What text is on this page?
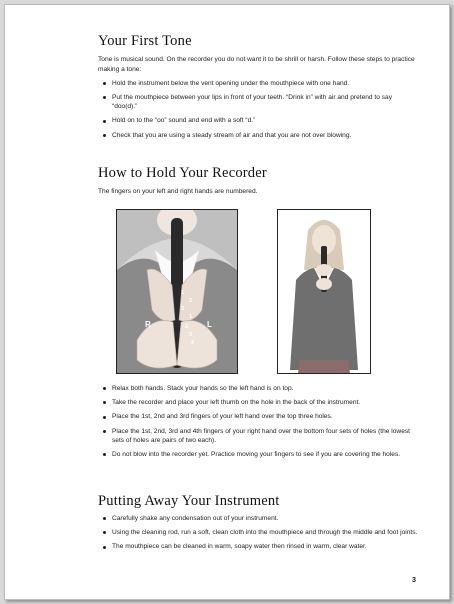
Your First Tone

Tone is musical sound. On the recorder you do not want it to be shrill or harsh. Follow these steps to practice making a tone:

Hold the instrument below the vent opening under the mouthpiece with one hand.
Put the mouthpiece between your lips in front of your teeth. “Drink in” with air and pretend to say “doo(d).”
Hold on to the “oo” sound and end with a soft “d.”
Check that you are using a steady stream of air and that you are not over blowing.
How to Hold Your Recorder

The fingers on your left and right hands are numbered.

1
2
3
1
2
3
4
R	L
Relax both hands. Stack your hands so the left hand is on top.
Take the recorder and place your left thumb on the hole in the back of the instrument.
Place the 1st, 2nd and 3rd fingers of your left hand over the top three holes.
Place the 1st, 2nd, 3rd and 4th fingers of your right hand over the bottom four sets of holes (the lowest sets of holes are pairs of two each).
Do not blow into the recorder yet. Practice moving your fingers to see if you are covering the holes.
Putting Away Your Instrument
Carefully shake any condensation out of your instrument.
Using the cleaning rod, run a soft, clean cloth into the mouthpiece and through the middle and foot joints.
The mouthpiece can be cleaned in warm, soapy water then rinsed in warm, clear water.
3
